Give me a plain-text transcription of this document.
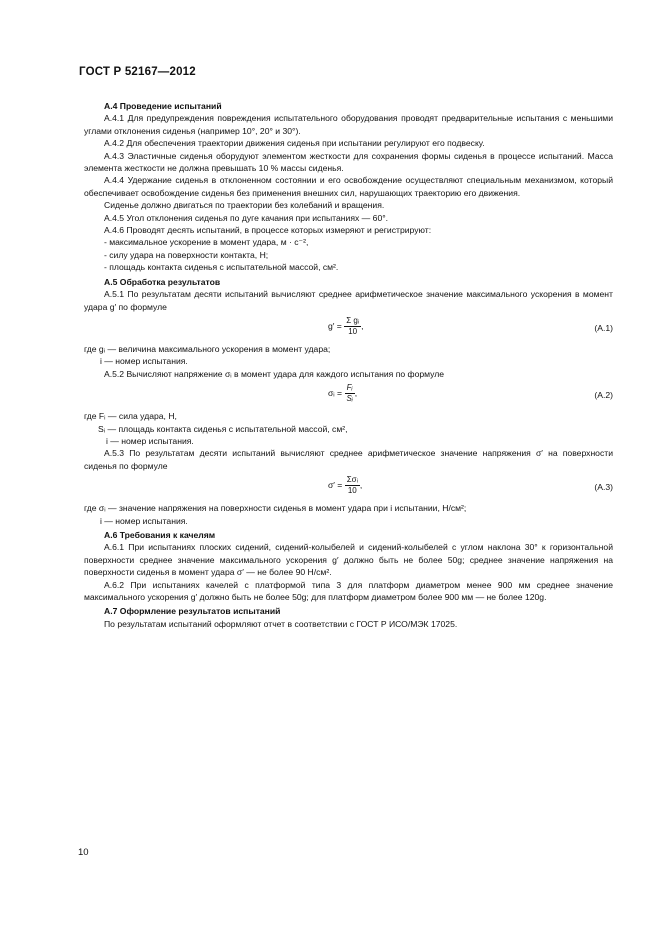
ГОСТ Р 52167—2012

А.4 Проведение испытаний

А.4.1 Для предупреждения повреждения испытательного оборудования проводят предварительные испытания с меньшими углами отклонения сиденья (например 10°, 20° и 30°).

А.4.2 Для обеспечения траектории движения сиденья при испытании регулируют его подвеску.

А.4.3 Эластичные сиденья оборудуют элементом жесткости для сохранения формы сиденья в процессе испытаний. Масса элемента жесткости не должна превышать 10 % массы сиденья.

А.4.4 Удержание сиденья в отклоненном состоянии и его освобождение осуществляют специальным механизмом, который обеспечивает освобождение сиденья без применения внешних сил, нарушающих траекторию его движения.

Сиденье должно двигаться по траектории без колебаний и вращения.

А.4.5 Угол отклонения сиденья по дуге качания при испытаниях — 60°.

А.4.6 Проводят десять испытаний, в процессе которых измеряют и регистрируют:

- максимальное ускорение в момент удара, м · с⁻²,

- силу удара на поверхности контакта, Н;

- площадь контакта сиденья с испытательной массой, см².

А.5 Обработка результатов

А.5.1 По результатам десяти испытаний вычисляют среднее арифметическое значение максимального ускорения в момент удара g′ по формуле

$g' = \frac{\text{Σ gᵢ}}{10}$ ,	(А.1)

где gᵢ — величина максимального ускорения в момент удара;

i — номер испытания.

А.5.2 Вычисляют напряжение σᵢ в момент удара для каждого испытания по формуле

σᵢ = $\frac{\text{Fᵢ}}{\text{Sᵢ}}$ ,	(А.2)

где Fᵢ — сила удара, Н,

Sᵢ — площадь контакта сиденья с испытательной массой, см²,

i — номер испытания.

А.5.3 По результатам десяти испытаний вычисляют среднее арифметическое значение напряжения σ′ на поверхности сиденья по формуле

$\sigma' = \frac{\text{Σσᵢ}}{10}$ ,	(А.3)

где σᵢ — значение напряжения на поверхности сиденья в момент удара при i испытании, Н/см²;

i — номер испытания.

А.6 Требования к качелям

А.6.1 При испытаниях плоских сидений, сидений-колыбелей и сидений-колыбелей с углом наклона 30° к горизонтальной поверхности среднее значение максимального ускорения g′ должно быть не более 50g; среднее значение напряжения на поверхности сиденья в момент удара σ′ — не более 90 Н/см².

А.6.2 При испытаниях качелей с платформой типа 3 для платформ диаметром менее 900 мм среднее значение максимального ускорения g′ должно быть не более 50g; для платформ диаметром более 900 мм — не более 120g.

А.7 Оформление результатов испытаний

По результатам испытаний оформляют отчет в соответствии с ГОСТ Р ИСО/МЭК 17025.

10
